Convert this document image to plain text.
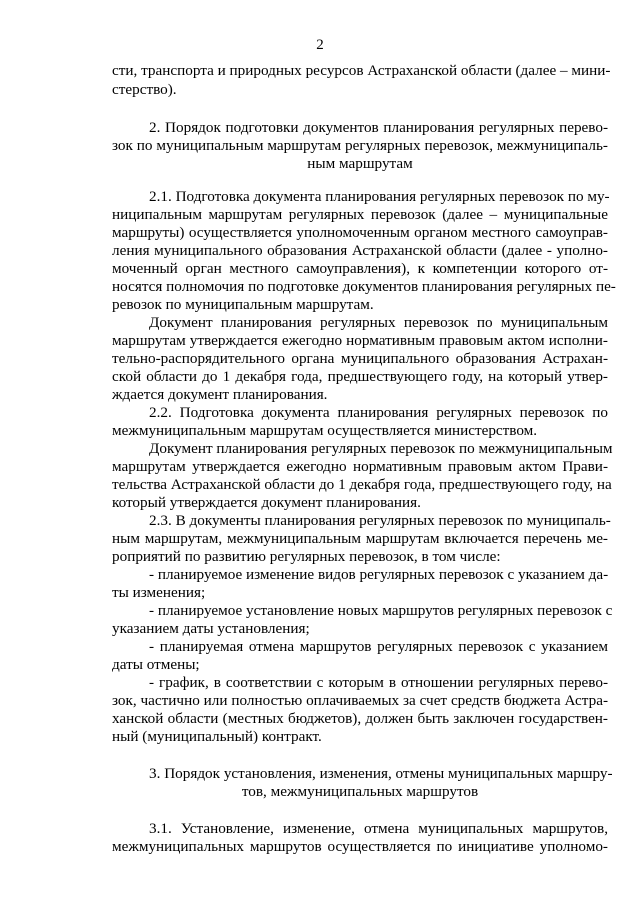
2
сти, транспорта и природных ресурсов Астраханской области (далее – мини-
стерство).
2. Порядок подготовки документов планирования регулярных перево-
зок по муниципальным маршрутам регулярных перевозок, межмуниципаль-
ным маршрутам
2.1. Подготовка документа планирования регулярных перевозок по му-
ниципальным маршрутам регулярных перевозок (далее – муниципальные
маршруты) осуществляется уполномоченным органом местного самоуправ-
ления муниципального образования Астраханской области (далее - уполно-
моченный орган местного самоуправления), к компетенции которого от-
носятся полномочия по подготовке документов планирования регулярных пе-
ревозок по муниципальным маршрутам.
Документ планирования регулярных перевозок по муниципальным
маршрутам утверждается ежегодно нормативным правовым актом исполни-
тельно-распорядительного органа муниципального образования Астрахан-
ской области до 1 декабря года, предшествующего году, на который утвер-
ждается документ планирования.
2.2. Подготовка документа планирования регулярных перевозок по
межмуниципальным маршрутам осуществляется министерством.
Документ планирования регулярных перевозок по межмуниципальным
маршрутам утверждается ежегодно нормативным правовым актом Прави-
тельства Астраханской области до 1 декабря года, предшествующего году, на
который утверждается документ планирования.
2.3. В документы планирования регулярных перевозок по муниципаль-
ным маршрутам, межмуниципальным маршрутам включается перечень ме-
роприятий по развитию регулярных перевозок, в том числе:
- планируемое изменение видов регулярных перевозок с указанием да-
ты изменения;
- планируемое установление новых маршрутов регулярных перевозок с
указанием даты установления;
- планируемая отмена маршрутов регулярных перевозок с указанием
даты отмены;
- график, в соответствии с которым в отношении регулярных перево-
зок, частично или полностью оплачиваемых за счет средств бюджета Астра-
ханской области (местных бюджетов), должен быть заключен государствен-
ный (муниципальный) контракт.
3. Порядок установления, изменения, отмены муниципальных маршру-
тов, межмуниципальных маршрутов
3.1. Установление, изменение, отмена муниципальных маршрутов,
межмуниципальных маршрутов осуществляется по инициативе уполномо-
